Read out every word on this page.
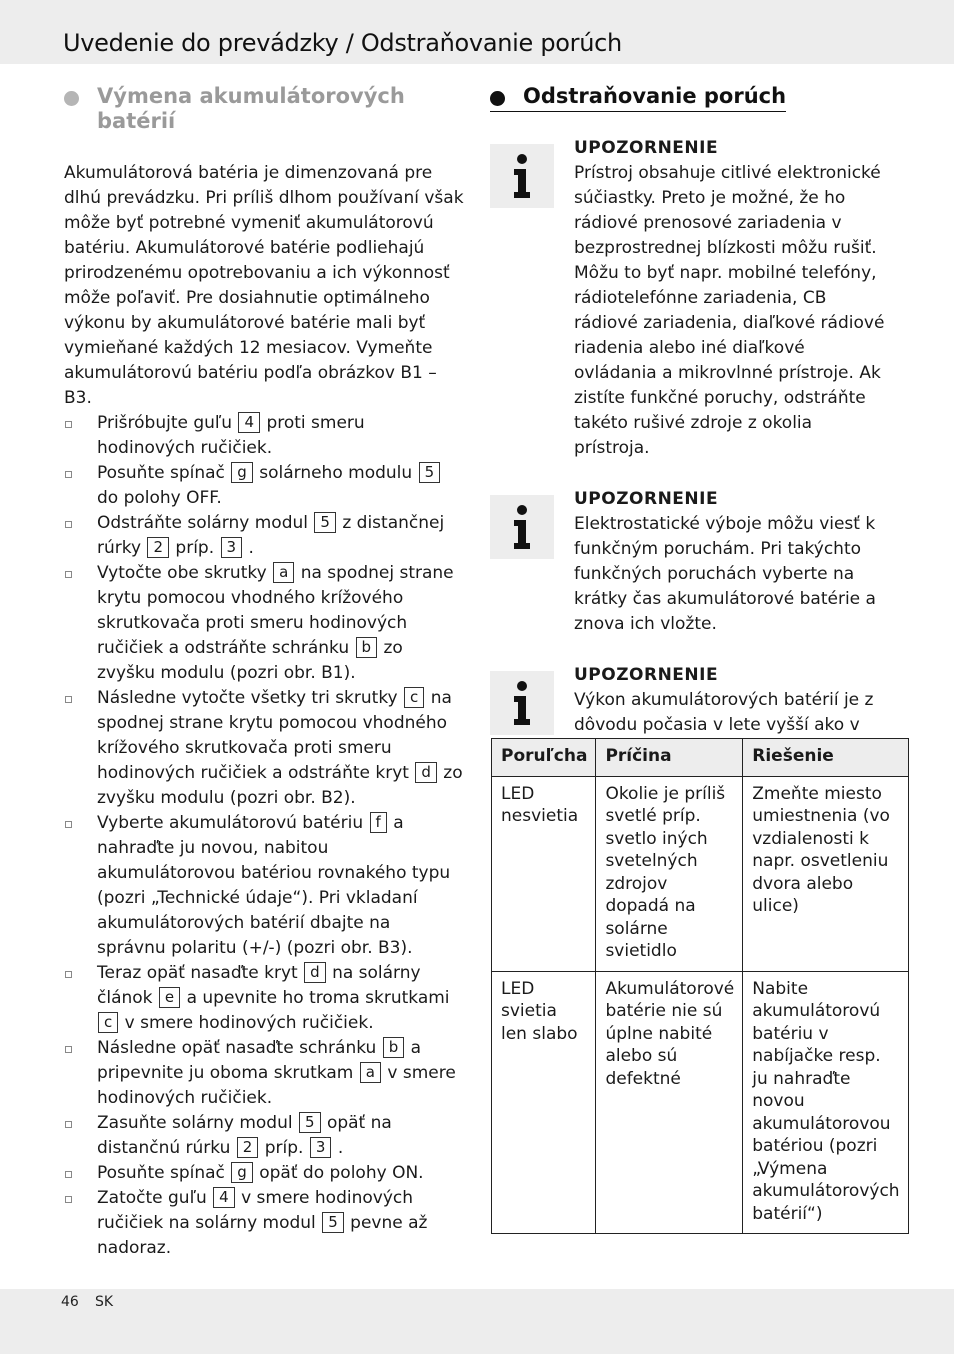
Uvedenie do prevádzky / Odstraňovanie porúch
Výmena akumulátorových batérií
Akumulátorová batéria je dimenzovaná pre dlhú prevádzku. Pri príliš dlhom používaní však môže byť potrebné vymeniť akumulátorovú batériu. Akumulátorové batérie podliehajú prirodzenému opotrebovaniu a ich výkonnosť môže poľaviť. Pre dosiahnutie optimálneho výkonu by akumulátorové batérie mali byť vymieňané každých 12 mesiacov. Vymeňte akumulátorovú batériu podľa obrázkov B1 – B3.
Prišróbujte guľu 4 proti smeru hodinových ručičiek.
Posuňte spínač g solárneho modulu 5 do polohy OFF.
Odstráňte solárny modul 5 z distančnej rúrky 2 príp. 3 .
Vytočte obe skrutky a na spodnej strane krytu pomocou vhodného krížového skrutkovača proti smeru hodinových ručičiek a odstráňte schránku b zo zvyšku modulu (pozri obr. B1).
Následne vytočte všetky tri skrutky c na spodnej strane krytu pomocou vhodného krížového skrutkovača proti smeru hodinových ručičiek a odstráňte kryt d zo zvyšku modulu (pozri obr. B2).
Vyberte akumulátorovú batériu f a nahraďte ju novou, nabitou akumulátorovou batériou rovnakého typu (pozri „Technické údaje“). Pri vkladaní akumulátorových batérií dbajte na správnu polaritu (+/-) (pozri obr. B3).
Teraz opäť nasaďte kryt d na solárny článok e a upevnite ho troma skrutkami c v smere hodinových ručičiek.
Následne opäť nasaďte schránku b a pripevnite ju oboma skrutkam a v smere hodinových ručičiek.
Zasuňte solárny modul 5 opäť na distančnú rúrku 2 príp. 3 .
Posuňte spínač g opäť do polohy ON.
Zatočte guľu 4 v smere hodinových ručičiek na solárny modul 5 pevne až nadoraz.
Odstraňovanie porúch
UPOZORNENIE
Prístroj obsahuje citlivé elektronické súčiastky. Preto je možné, že ho rádiové prenosové zariadenia v bezprostrednej blízkosti môžu rušiť. Môžu to byť napr. mobilné telefóny, rádiotelefónne zariadenia, CB rádiové zariadenia, diaľkové rádiové riadenia alebo iné diaľkové ovládania a mikrovlnné prístroje. Ak zistíte funkčné poruchy, odstráňte takéto rušivé zdroje z okolia prístroja.
UPOZORNENIE
Elektrostatické výboje môžu viesť k funkčným poruchám. Pri takýchto funkčných poruchách vyberte na krátky čas akumulátorové batérie a znova ich vložte.
UPOZORNENIE
Výkon akumulátorových batérií je z dôvodu počasia v lete vyšší ako v
Poruľcha	Príčina	Riešenie
LED nesvietia	Okolie je príliš svetlé príp. svetlo iných svetelných zdrojov dopadá na solárne svietidlo	Zmeňte miesto umiestnenia (vo vzdialenosti k napr. osvetleniu dvora alebo ulice)
LED svietia len slabo	Akumulátorové batérie nie sú úplne nabité alebo sú defektné	Nabite akumulátorovú batériu v nabíjačke resp. ju nahraďte novou akumulátorovou batériou (pozri „Výmena akumulátorových batérií“)
46 SK
